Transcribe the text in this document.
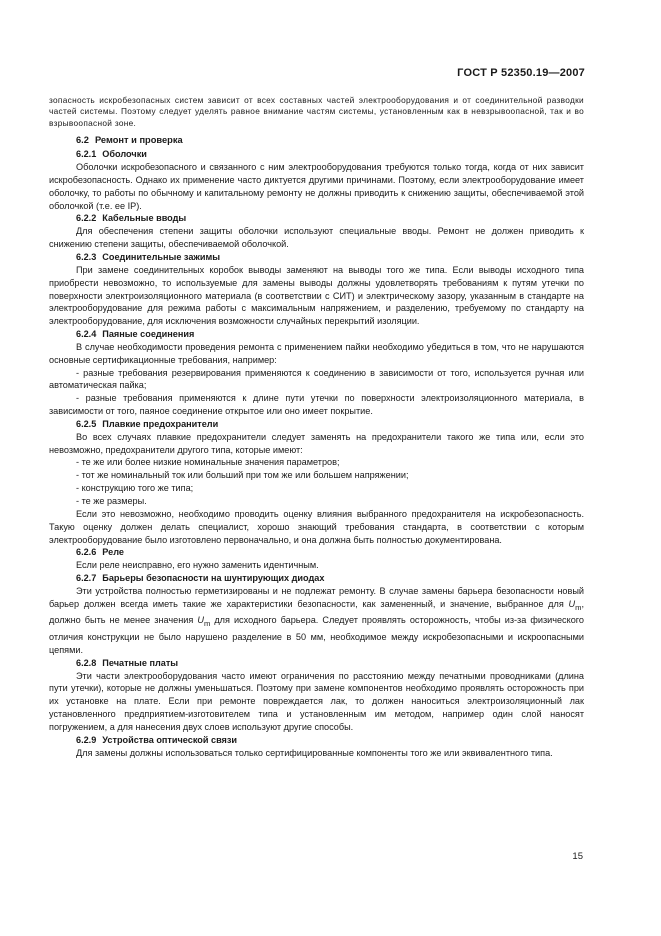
ГОСТ Р 52350.19—2007

зопасность искробезопасных систем зависит от всех составных частей электрооборудования и от соединительной разводки частей системы. Поэтому следует уделять равное внимание частям системы, установленным как в невзрывоопасной, так и во взрывоопасной зоне.

6.2 Ремонт и проверка
6.2.1 Оболочки

Оболочки искробезопасного и связанного с ним электрооборудования требуются только тогда, когда от них зависит искробезопасность. Однако их применение часто диктуется другими причинами. Поэтому, если электрооборудование имеет оболочку, то работы по обычному и капитальному ремонту не должны приводить к снижению защиты, обеспечиваемой этой оболочкой (т.е. ее IP).

6.2.2 Кабельные вводы

Для обеспечения степени защиты оболочки используют специальные вводы. Ремонт не должен приводить к снижению степени защиты, обеспечиваемой оболочкой.

6.2.3 Соединительные зажимы

При замене соединительных коробок выводы заменяют на выводы того же типа. Если выводы исходного типа приобрести невозможно, то используемые для замены выводы должны удовлетворять требованиям к путям утечки по поверхности электроизоляционного материала (в соответствии с СИТ) и электрическому зазору, указанным в стандарте на электрооборудование для режима работы с максимальным напряжением, и разделению, требуемому по стандарту на электрооборудование, для исключения возможности случайных перекрытий изоляции.

6.2.4 Паяные соединения

В случае необходимости проведения ремонта с применением пайки необходимо убедиться в том, что не нарушаются основные сертификационные требования, например:

- разные требования резервирования применяются к соединению в зависимости от того, используется ручная или автоматическая пайка;

- разные требования применяются к длине пути утечки по поверхности электроизоляционного материала, в зависимости от того, паяное соединение открытое или оно имеет покрытие.

6.2.5 Плавкие предохранители

Во всех случаях плавкие предохранители следует заменять на предохранители такого же типа или, если это невозможно, предохранители другого типа, которые имеют:

- те же или более низкие номинальные значения параметров;

- тот же номинальный ток или больший при том же или большем напряжении;

- конструкцию того же типа;

- те же размеры.

Если это невозможно, необходимо проводить оценку влияния выбранного предохранителя на искробезопасность. Такую оценку должен делать специалист, хорошо знающий требования стандарта, в соответствии с которым электрооборудование было изготовлено первоначально, и она должна быть полностью документирована.

6.2.6 Реле

Если реле неисправно, его нужно заменить идентичным.

6.2.7 Барьеры безопасности на шунтирующих диодах

Эти устройства полностью герметизированы и не подлежат ремонту. В случае замены барьера безопасности новый барьер должен всегда иметь такие же характеристики безопасности, как замененный, и значение, выбранное для $U_m$, должно быть не менее значения $U_m$ для исходного барьера. Следует проявлять осторожность, чтобы из-за физического отличия конструкции не было нарушено разделение в 50 мм, необходимое между искробезопасными и искроопасными цепями.

6.2.8 Печатные платы

Эти части электрооборудования часто имеют ограничения по расстоянию между печатными проводниками (длина пути утечки), которые не должны уменьшаться. Поэтому при замене компонентов необходимо проявлять осторожность при их установке на плате. Если при ремонте повреждается лак, то должен наноситься электроизоляционный лак установленного предприятием-изготовителем типа и установленным им методом, например один слой наносят погружением, а для нанесения двух слоев используют другие способы.

6.2.9 Устройства оптической связи

Для замены должны использоваться только сертифицированные компоненты того же или эквивалентного типа.

15
